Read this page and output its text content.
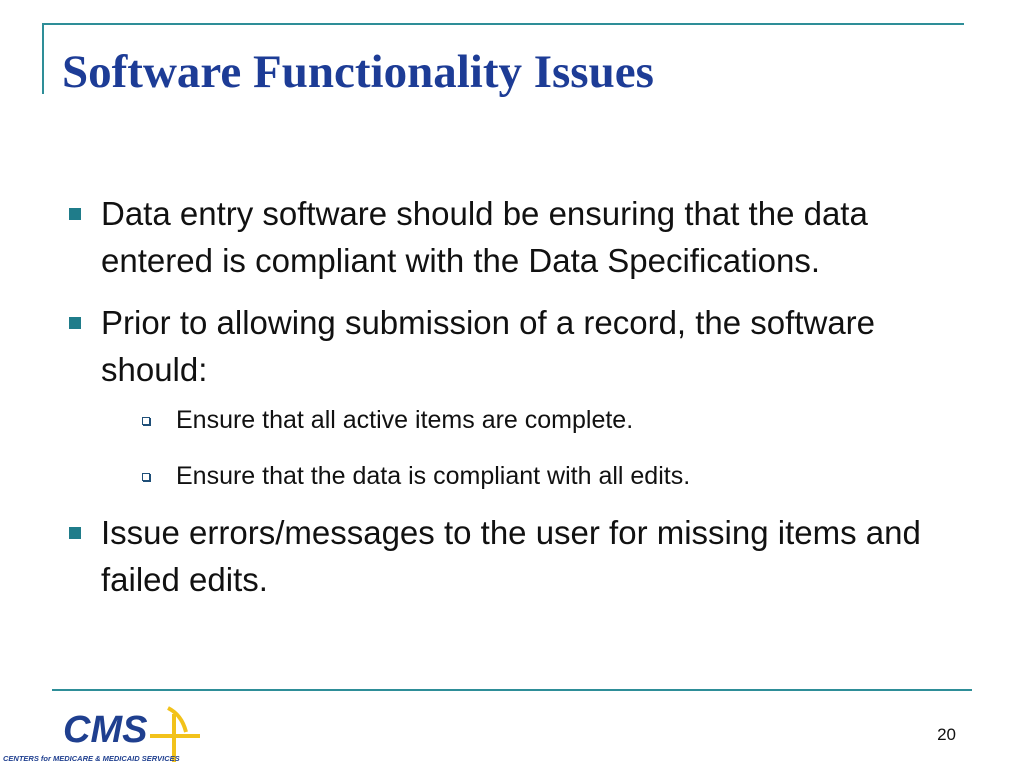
Software Functionality Issues
Data entry software should be ensuring that the data entered is compliant with the Data Specifications.
Prior to allowing submission of a record, the software should:
Ensure that all active items are complete.
Ensure that the data is compliant with all edits.
Issue errors/messages to the user for missing items and failed edits.
CMS
CENTERS for MEDICARE & MEDICAID SERVICES
20
